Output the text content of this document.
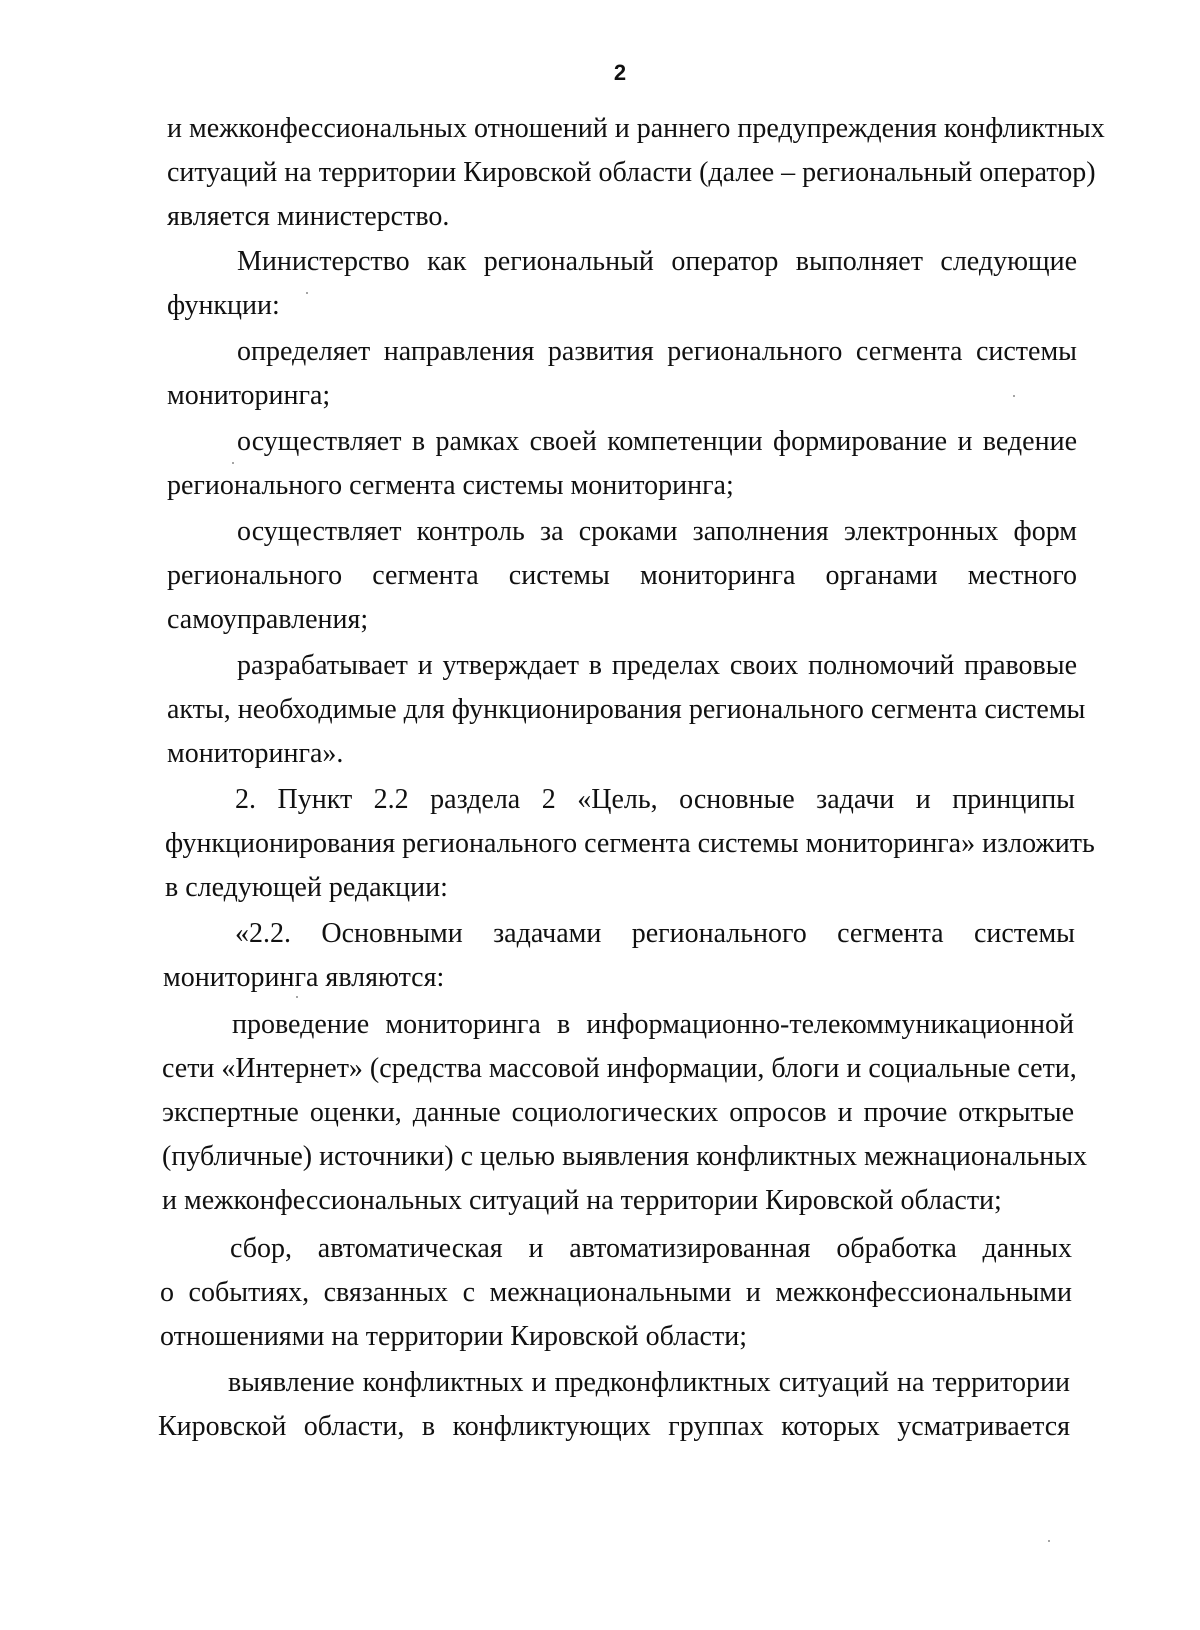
2
и межконфессиональных отношений и раннего предупреждения конфликтных
ситуаций на территории Кировской области (далее – региональный оператор)
является министерство.
Министерство как региональный оператор выполняет следующие
функции:
определяет направления развития регионального сегмента системы
мониторинга;
осуществляет в рамках своей компетенции формирование и ведение
регионального сегмента системы мониторинга;
осуществляет контроль за сроками заполнения электронных форм
регионального сегмента системы мониторинга органами местного
самоуправления;
разрабатывает и утверждает в пределах своих полномочий правовые
акты, необходимые для функционирования регионального сегмента системы
мониторинга».
2. Пункт 2.2 раздела 2 «Цель, основные задачи и принципы
функционирования регионального сегмента системы мониторинга» изложить
в следующей редакции:
«2.2. Основными задачами регионального сегмента системы
мониторинга являются:
проведение мониторинга в информационно-телекоммуникационной
сети «Интернет» (средства массовой информации, блоги и социальные сети,
экспертные оценки, данные социологических опросов и прочие открытые
(публичные) источники) с целью выявления конфликтных межнациональных
и межконфессиональных ситуаций на территории Кировской области;
сбор, автоматическая и автоматизированная обработка данных
о событиях, связанных с межнациональными и межконфессиональными
отношениями на территории Кировской области;
выявление конфликтных и предконфликтных ситуаций на территории
Кировской области, в конфликтующих группах которых усматривается
